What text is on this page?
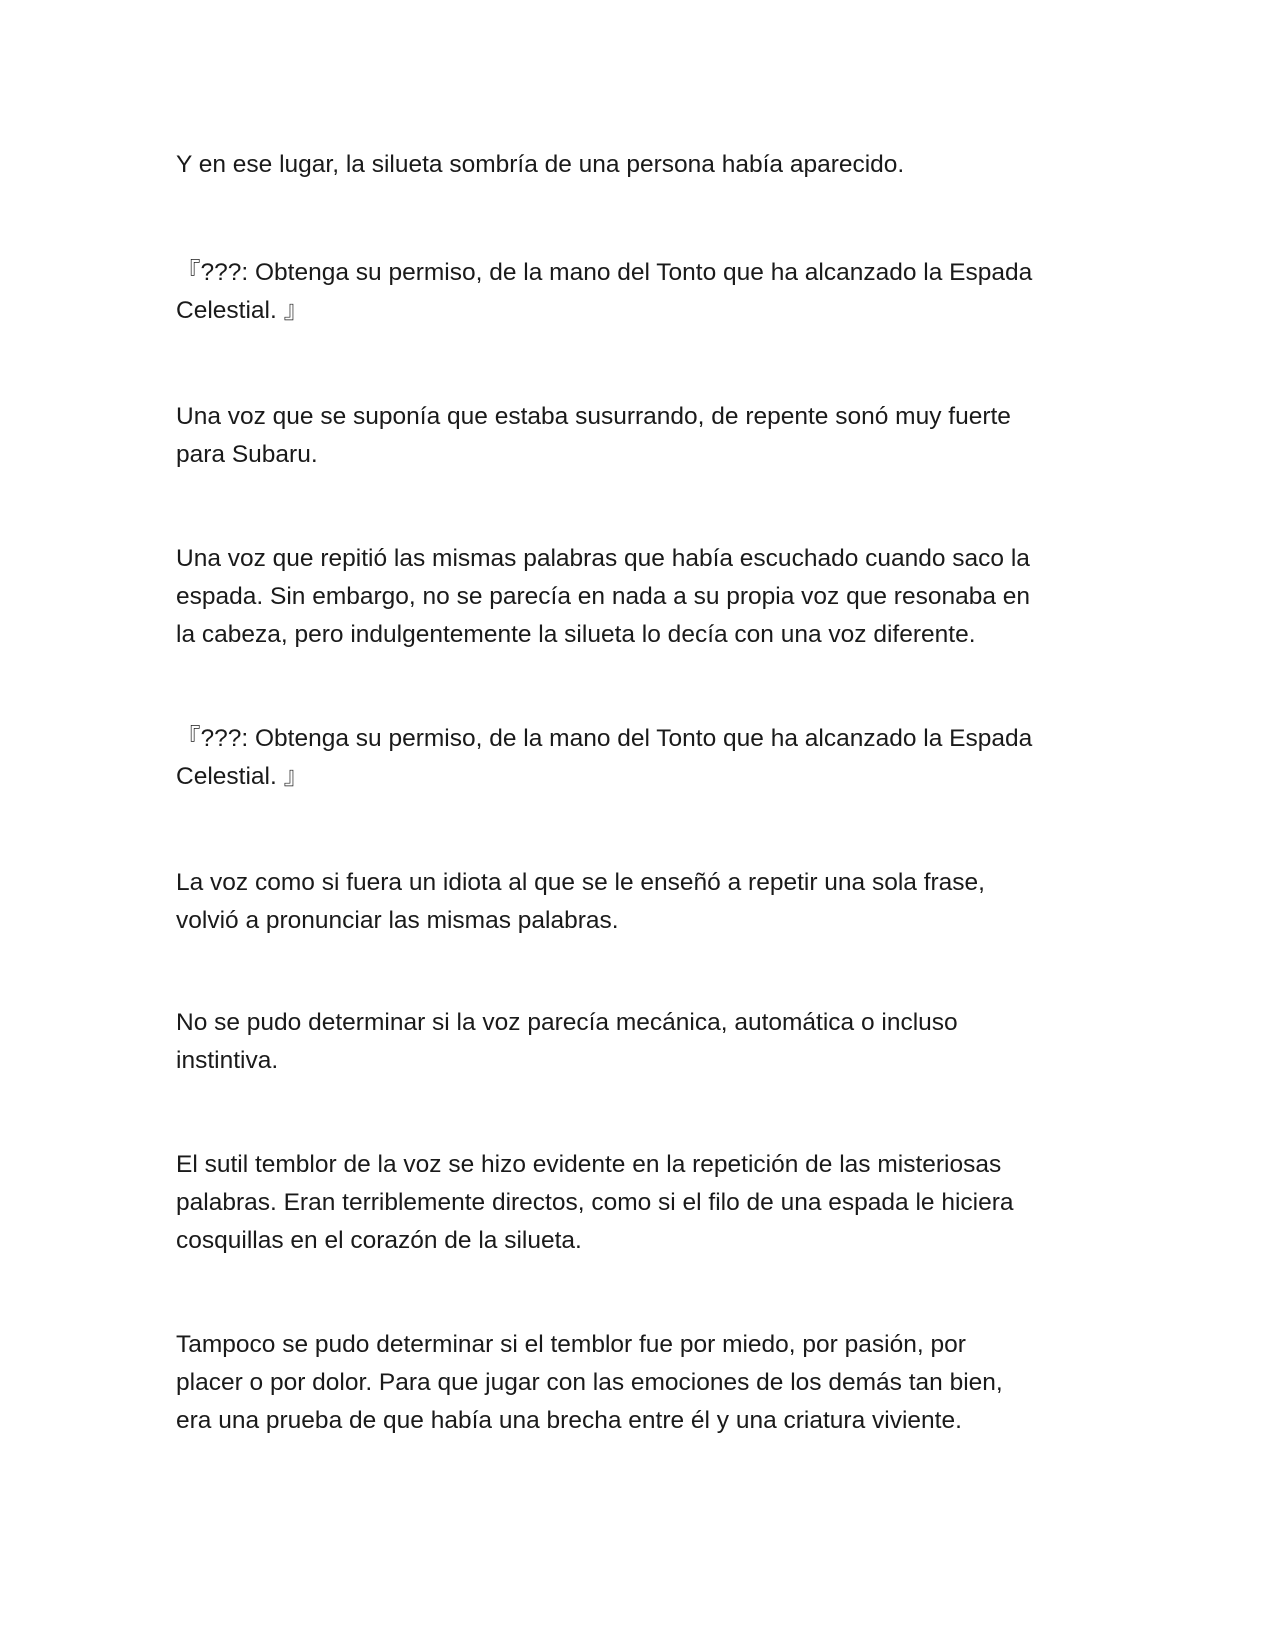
Y en ese lugar, la silueta sombría de una persona había aparecido.

『???: Obtenga su permiso, de la mano del Tonto que ha alcanzado la Espada
Celestial. 』

Una voz que se suponía que estaba susurrando, de repente sonó muy fuerte
para Subaru.

Una voz que repitió las mismas palabras que había escuchado cuando saco la
espada. Sin embargo, no se parecía en nada a su propia voz que resonaba en
la cabeza, pero indulgentemente la silueta lo decía con una voz diferente.

『???: Obtenga su permiso, de la mano del Tonto que ha alcanzado la Espada
Celestial. 』

La voz como si fuera un idiota al que se le enseñó a repetir una sola frase,
volvió a pronunciar las mismas palabras.

No se pudo determinar si la voz parecía mecánica, automática o incluso
instintiva.

El sutil temblor de la voz se hizo evidente en la repetición de las misteriosas
palabras. Eran terriblemente directos, como si el filo de una espada le hiciera
cosquillas en el corazón de la silueta.

Tampoco se pudo determinar si el temblor fue por miedo, por pasión, por
placer o por dolor. Para que jugar con las emociones de los demás tan bien,
era una prueba de que había una brecha entre él y una criatura viviente.
